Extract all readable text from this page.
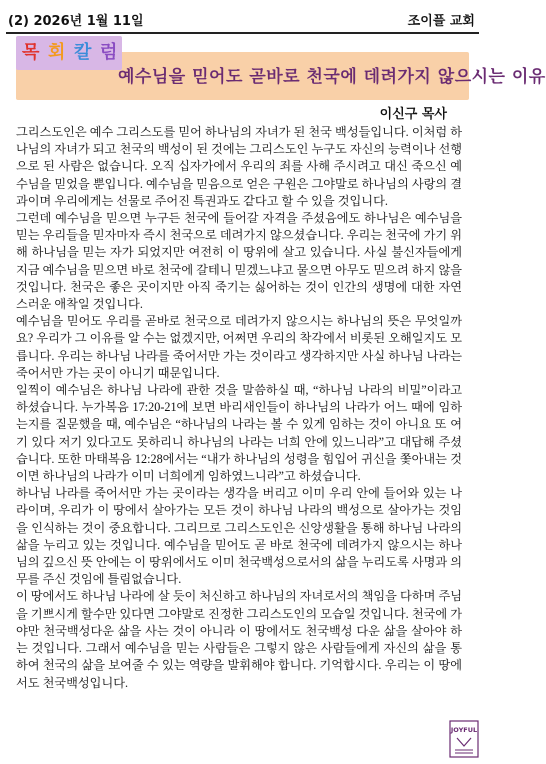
(2) 2026년 1월 11일	조이플 교회
목 회 칼 럼
예수님을 믿어도 곧바로 천국에 데려가지 않으시는 이유
이신구 목사

그리스도인은 예수 그리스도를 믿어 하나님의 자녀가 된 천국 백성들입니다. 이처럼 하나님의 자녀가 되고 천국의 백성이 된 것에는 그리스도인 누구도 자신의 능력이나 선행으로 된 사람은 없습니다. 오직 십자가에서 우리의 죄를 사해 주시려고 대신 죽으신 예수님을 믿었을 뿐입니다. 예수님을 믿음으로 얻은 구원은 그야말로 하나님의 사랑의 결과이며 우리에게는 선물로 주어진 특권과도 같다고 할 수 있을 것입니다.

그런데 예수님을 믿으면 누구든 천국에 들어갈 자격을 주셨음에도 하나님은 예수님을 믿는 우리들을 믿자마자 즉시 천국으로 데려가지 않으셨습니다. 우리는 천국에 가기 위해 하나님을 믿는 자가 되었지만 여전히 이 땅위에 살고 있습니다. 사실 불신자들에게 지금 예수님을 믿으면 바로 천국에 갈테니 믿겠느냐고 물으면 아무도 믿으려 하지 않을 것입니다. 천국은 좋은 곳이지만 아직 죽기는 싫어하는 것이 인간의 생명에 대한 자연스러운 애착일 것입니다.

예수님을 믿어도 우리를 곧바로 천국으로 데려가지 않으시는 하나님의 뜻은 무엇일까요? 우리가 그 이유를 알 수는 없겠지만, 어쩌면 우리의 착각에서 비롯된 오해일지도 모릅니다. 우리는 하나님 나라를 죽어서만 가는 것이라고 생각하지만 사실 하나님 나라는 죽어서만 가는 곳이 아니기 때문입니다.

일찍이 예수님은 하나님 나라에 관한 것을 말씀하실 때, “하나님 나라의 비밀”이라고 하셨습니다. 누가복음 17:20-21에 보면 바리새인들이 하나님의 나라가 어느 때에 임하는지를 질문했을 때, 예수님은 “하나님의 나라는 볼 수 있게 임하는 것이 아니요 또 여기 있다 저기 있다고도 못하리니 하나님의 나라는 너희 안에 있느니라”고 대답해 주셨습니다. 또한 마태복음 12:28에서는 “내가 하나님의 성령을 힘입어 귀신을 쫓아내는 것이면 하나님의 나라가 이미 너희에게 임하였느니라”고 하셨습니다.

하나님 나라를 죽어서만 가는 곳이라는 생각을 버리고 이미 우리 안에 들어와 있는 나라이며, 우리가 이 땅에서 살아가는 모든 것이 하나님 나라의 백성으로 살아가는 것임을 인식하는 것이 중요합니다. 그리므로 그리스도인은 신앙생활을 통해 하나님 나라의 삶을 누리고 있는 것입니다. 예수님을 믿어도 곧 바로 천국에 데려가지 않으시는 하나님의 깊으신 뜻 안에는 이 땅위에서도 이미 천국백성으로서의 삶을 누리도록 사명과 의무를 주신 것임에 틀림없습니다.

이 땅에서도 하나님 나라에 살 듯이 처신하고 하나님의 자녀로서의 책임을 다하며 주님을 기쁘시게 할수만 있다면 그야말로 진정한 그리스도인의 모습일 것입니다. 천국에 가야만 천국백성다운 삶을 사는 것이 아니라 이 땅에서도 천국백성 다운 삶을 살아야 하는 것입니다. 그래서 예수님을 믿는 사람들은 그렇지 않은 사람들에게 자신의 삶을 통하여 천국의 삶을 보여줄 수 있는 역량을 발휘해야 합니다. 기억합시다. 우리는 이 땅에서도 천국백성입니다.

JOYFUL
